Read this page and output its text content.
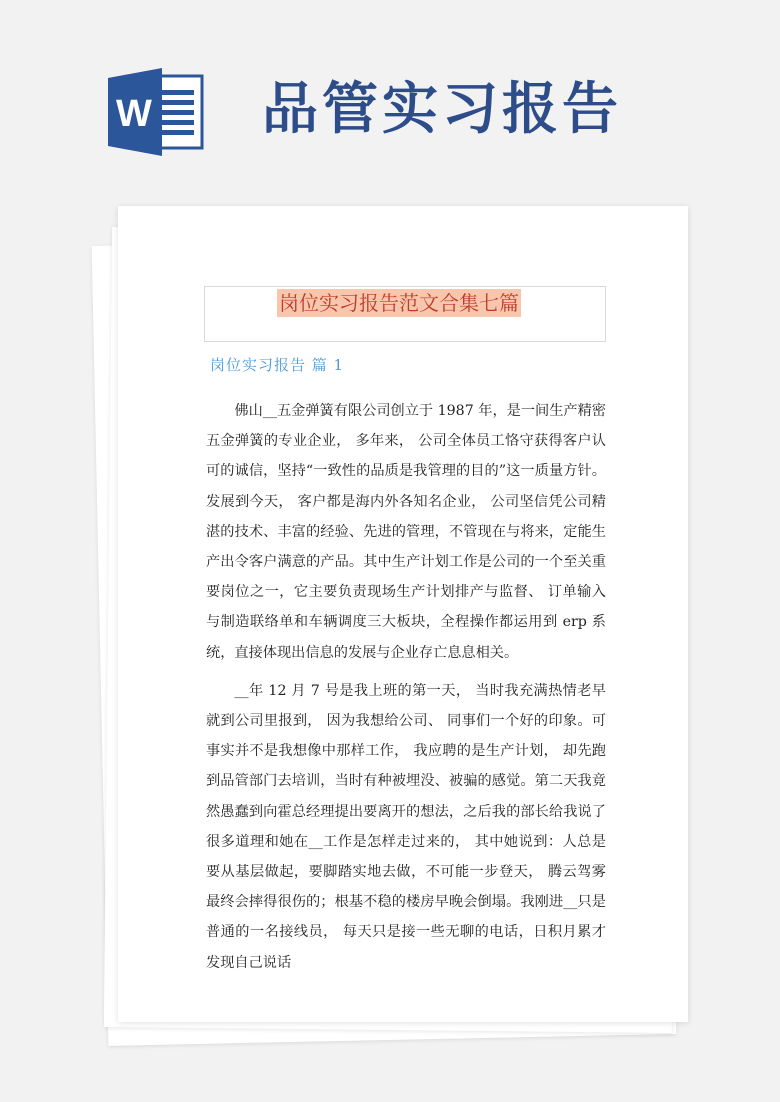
W 品管实习报告
岗位实习报告范文合集七篇
岗位实习报告 篇 1

佛山__五金弹簧有限公司创立于 1987 年，是一间生产精密五金弹簧的专业企业， 多年来， 公司全体员工恪守获得客户认可的诚信，坚持“一致性的品质是我管理的目的”这一质量方针。发展到今天， 客户都是海内外各知名企业， 公司坚信凭公司精湛的技术、丰富的经验、先进的管理，不管现在与将来，定能生产出令客户满意的产品。其中生产计划工作是公司的一个至关重要岗位之一，它主要负责现场生产计划排产与监督、 订单输入与制造联络单和车辆调度三大板块，全程操作都运用到 erp 系统，直接体现出信息的发展与企业存亡息息相关。

__年 12 月 7 号是我上班的第一天， 当时我充满热情老早就到公司里报到， 因为我想给公司、 同事们一个好的印象。可事实并不是我想像中那样工作， 我应聘的是生产计划， 却先跑到品管部门去培训，当时有种被埋没、被骗的感觉。第二天我竟然愚蠢到向霍总经理提出要离开的想法，之后我的部长给我说了很多道理和她在__工作是怎样走过来的， 其中她说到：人总是要从基层做起，要脚踏实地去做，不可能一步登天， 腾云驾雾最终会摔得很伤的；根基不稳的楼房早晚会倒塌。我刚进__只是普通的一名接线员， 每天只是接一些无聊的电话，日积月累才发现自己说话
